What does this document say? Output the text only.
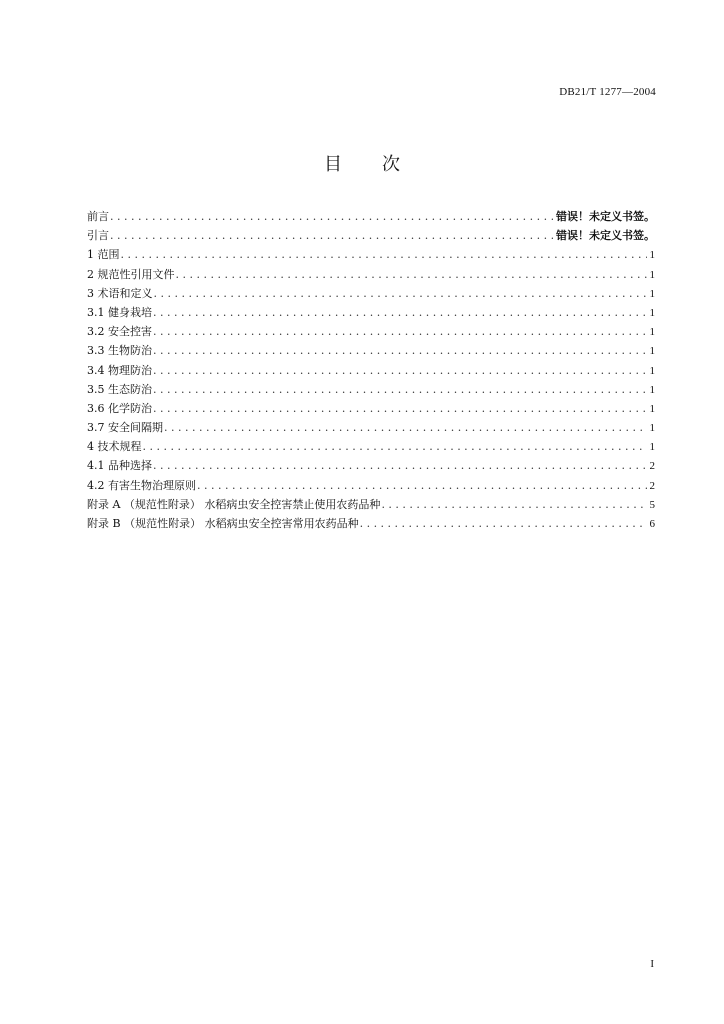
DB21/T 1277—2004
目 次
前言 . . .	错误！未定义书签。
引言 . . .	错误！未定义书签。
1 范围 . . .	1
2 规范性引用文件 . . .	1
3 术语和定义 . . .	1
3.1 健身栽培 . . .	1
3.2 安全控害 . . .	1
3.3 生物防治 . . .	1
3.4 物理防治 . . .	1
3.5 生态防治 . . .	1
3.6 化学防治 . . .	1
3.7 安全间隔期 . . .	1
4 技术规程 . . .	1
4.1 品种选择 . . .	2
4.2 有害生物治理原则 . . .	2
附录 A （规范性附录） 水稻病虫安全控害禁止使用农药品种 . . .	5
附录 B （规范性附录） 水稻病虫安全控害常用农药品种 . . .	6
I
